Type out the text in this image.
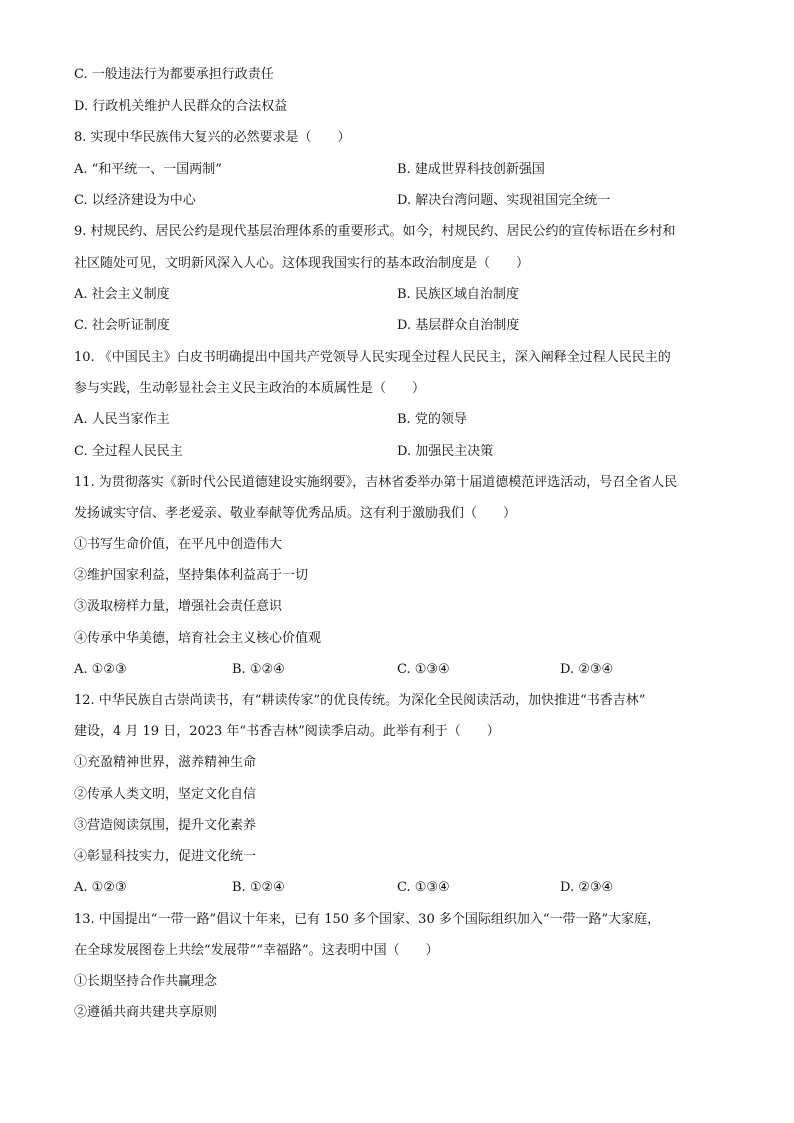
C. 一般违法行为都要承担行政责任
D. 行政机关维护人民群众的合法权益
8. 实现中华民族伟大复兴的必然要求是（　　）
A. “和平统一、一国两制”	B. 建成世界科技创新强国
C. 以经济建设为中心	D. 解决台湾问题、实现祖国完全统一
9. 村规民约、居民公约是现代基层治理体系的重要形式。如今，村规民约、居民公约的宣传标语在乡村和
社区随处可见，文明新风深入人心。这体现我国实行的基本政治制度是（　　）
A. 社会主义制度	B. 民族区域自治制度
C. 社会听证制度	D. 基层群众自治制度
10. 《中国民主》白皮书明确提出中国共产党领导人民实现全过程人民民主，深入阐释全过程人民民主的
参与实践，生动彰显社会主义民主政治的本质属性是（　　）
A. 人民当家作主	B. 党的领导
C. 全过程人民民主	D. 加强民主决策
11. 为贯彻落实《新时代公民道德建设实施纲要》，吉林省委举办第十届道德模范评选活动，号召全省人民
发扬诚实守信、孝老爱亲、敬业奉献等优秀品质。这有利于激励我们（　　）
①书写生命价值，在平凡中创造伟大
②维护国家利益，坚持集体利益高于一切
③汲取榜样力量，增强社会责任意识
④传承中华美德，培育社会主义核心价值观
A. ①②③	B. ①②④	C. ①③④	D. ②③④
12. 中华民族自古崇尚读书，有“耕读传家”的优良传统。为深化全民阅读活动，加快推进“书香吉林”
建设，4 月 19 日，2023 年“书香吉林”阅读季启动。此举有利于（　　）
①充盈精神世界，滋养精神生命
②传承人类文明，坚定文化自信
③营造阅读氛围，提升文化素养
④彰显科技实力，促进文化统一
A. ①②③	B. ①②④	C. ①③④	D. ②③④
13. 中国提出“一带一路”倡议十年来，已有 150 多个国家、30 多个国际组织加入“一带一路”大家庭，
在全球发展图卷上共绘“发展带”“幸福路”。这表明中国（　　）
①长期坚持合作共赢理念
②遵循共商共建共享原则
